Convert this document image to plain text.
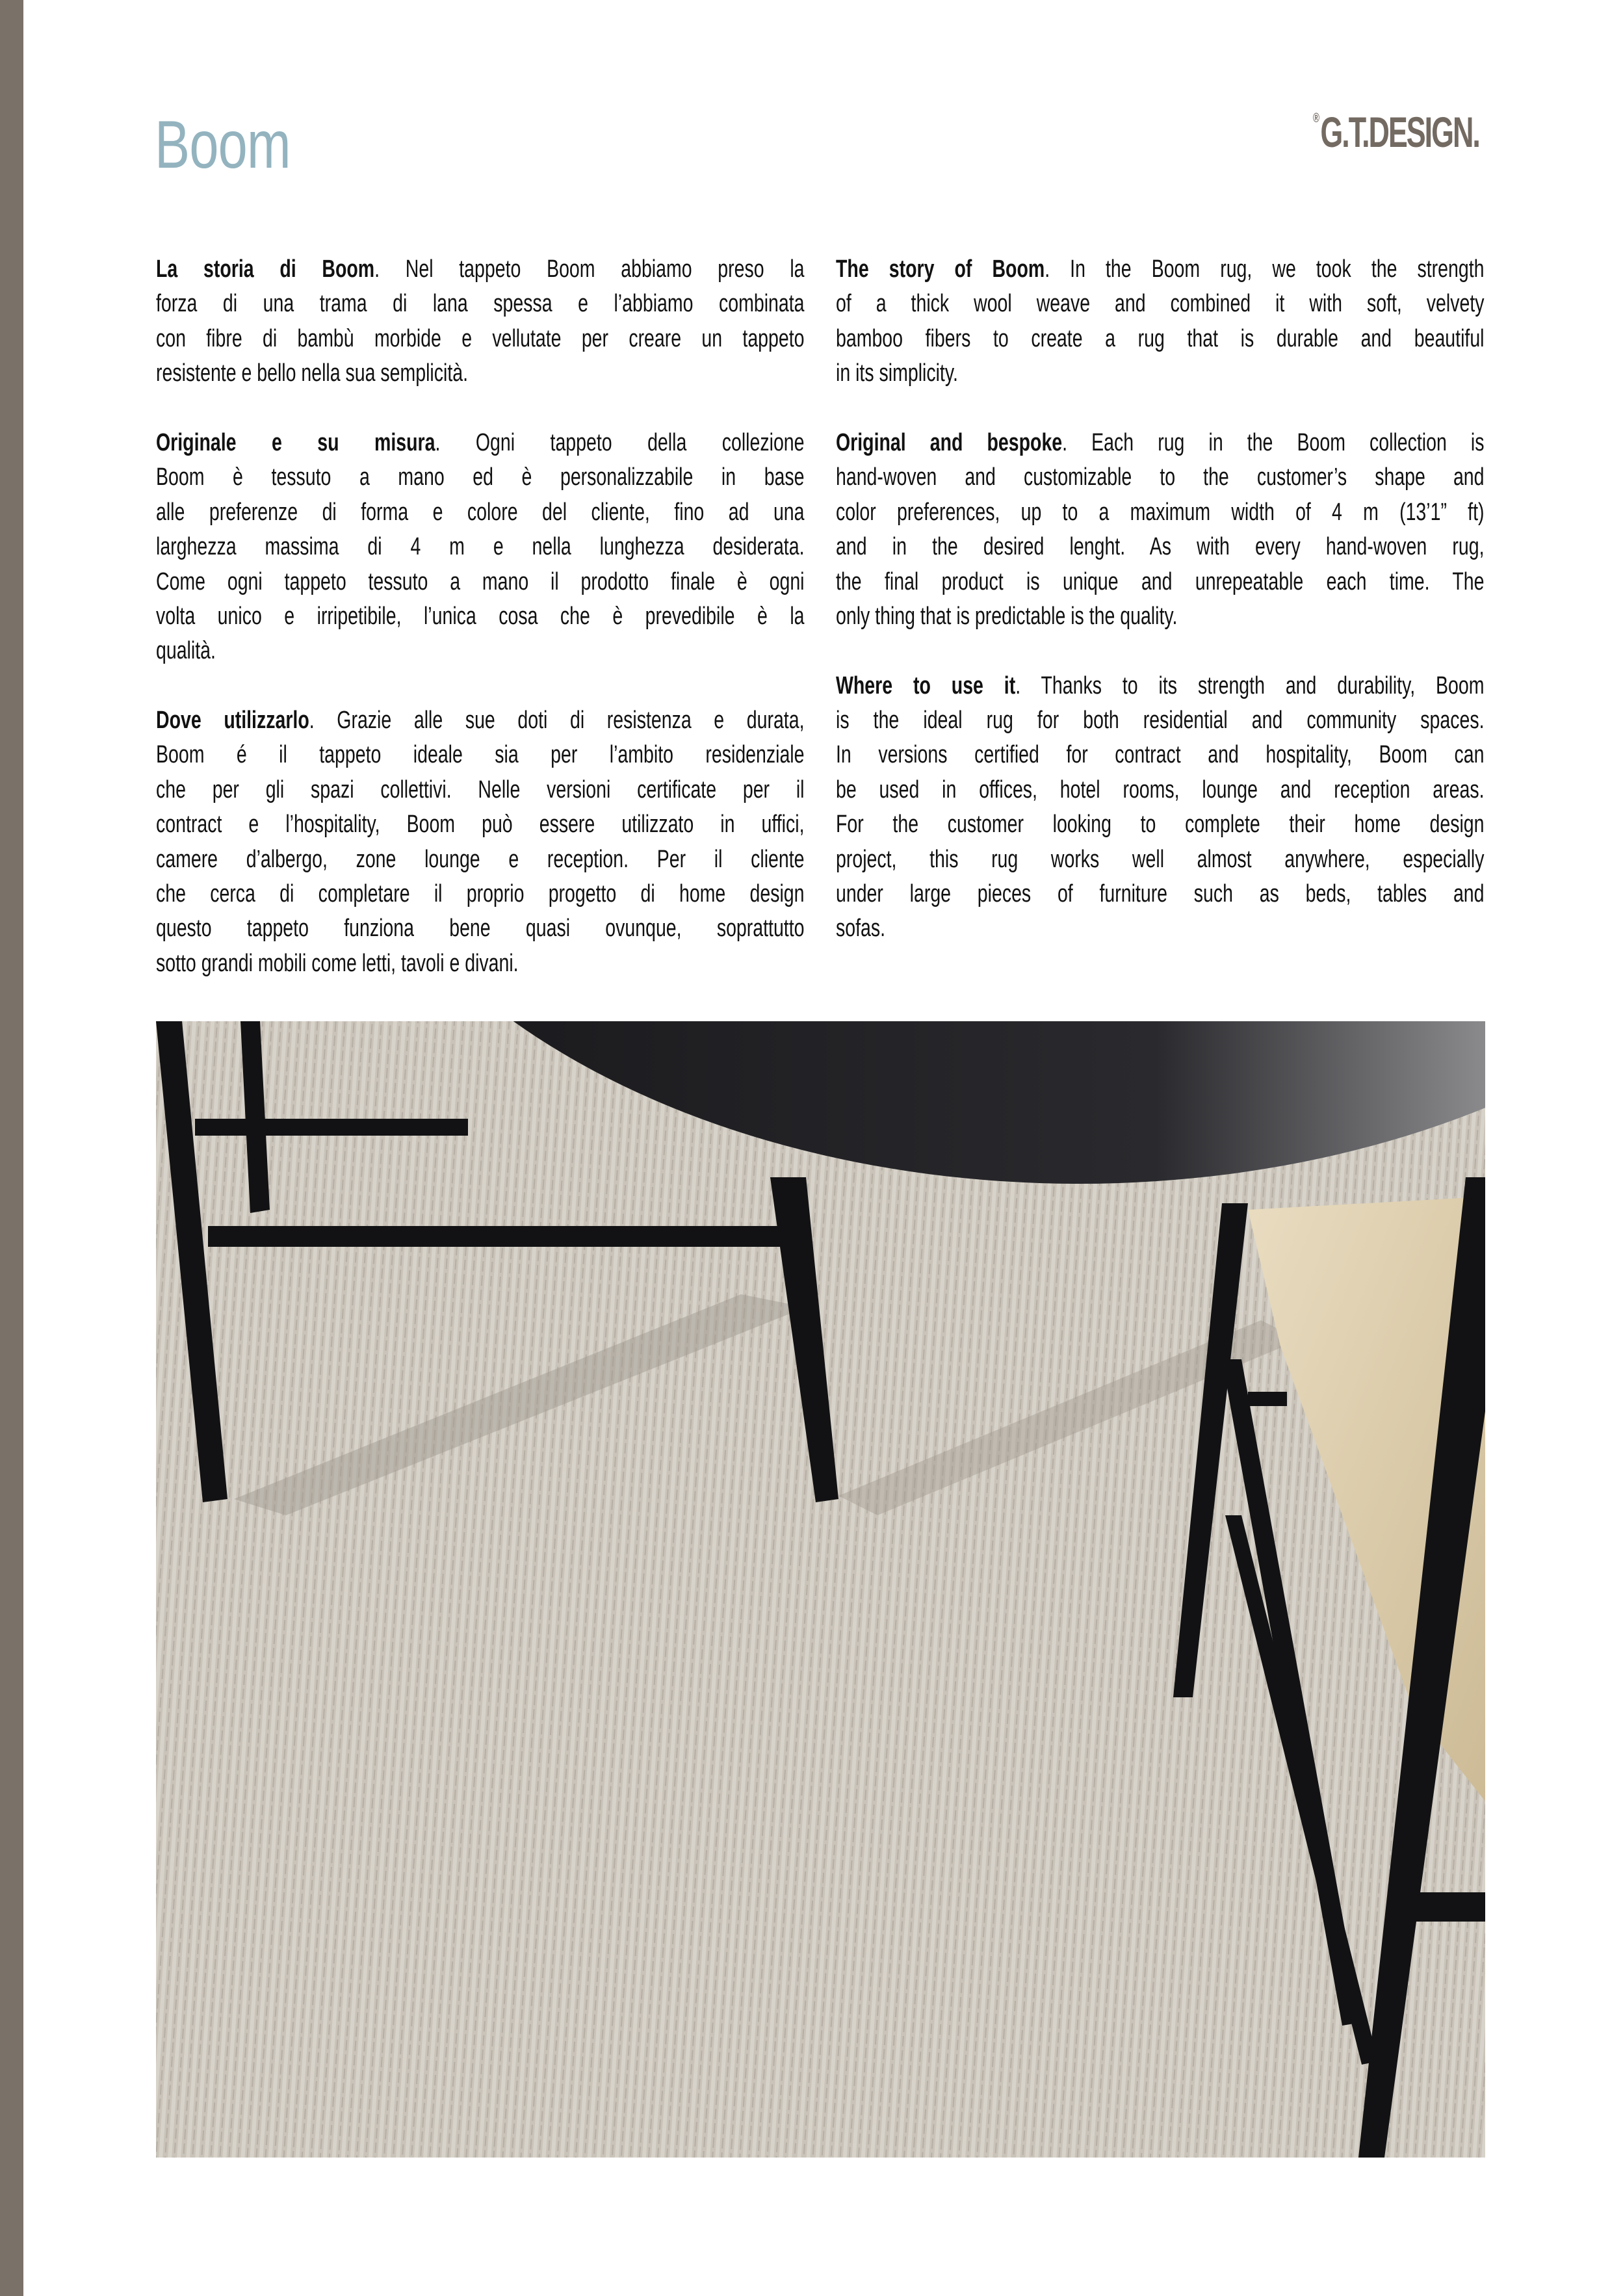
Boom	® G.T.DESIGN.
La storia di Boom. Nel tappeto Boom abbiamo preso la
forza di una trama di lana spessa e l’abbiamo combinata
con fibre di bambù morbide e vellutate per creare un tappeto
resistente e bello nella sua semplicità.
Originale e su misura. Ogni tappeto della collezione
Boom è tessuto a mano ed è personalizzabile in base
alle preferenze di forma e colore del cliente, fino ad una
larghezza massima di 4 m e nella lunghezza desiderata.
Come ogni tappeto tessuto a mano il prodotto finale è ogni
volta unico e irripetibile, l’unica cosa che è prevedibile è la
qualità.
Dove utilizzarlo. Grazie alle sue doti di resistenza e durata,
Boom é il tappeto ideale sia per l’ambito residenziale
che per gli spazi collettivi. Nelle versioni certificate per il
contract e l’hospitality, Boom può essere utilizzato in uffici,
camere d’albergo, zone lounge e reception. Per il cliente
che cerca di completare il proprio progetto di home design
questo tappeto funziona bene quasi ovunque, soprattutto
sotto grandi mobili come letti, tavoli e divani.
The story of Boom. In the Boom rug, we took the strength
of a thick wool weave and combined it with soft, velvety
bamboo fibers to create a rug that is durable and beautiful
in its simplicity.
Original and bespoke. Each rug in the Boom collection is
hand-woven and customizable to the customer’s shape and
color preferences, up to a maximum width of 4 m (13’1” ft)
and in the desired lenght. As with every hand-woven rug,
the final product is unique and unrepeatable each time. The
only thing that is predictable is the quality.
Where to use it. Thanks to its strength and durability, Boom
is the ideal rug for both residential and community spaces.
In versions certified for contract and hospitality, Boom can
be used in offices, hotel rooms, lounge and reception areas.
For the customer looking to complete their home design
project, this rug works well almost anywhere, especially
under large pieces of furniture such as beds, tables and
sofas.
